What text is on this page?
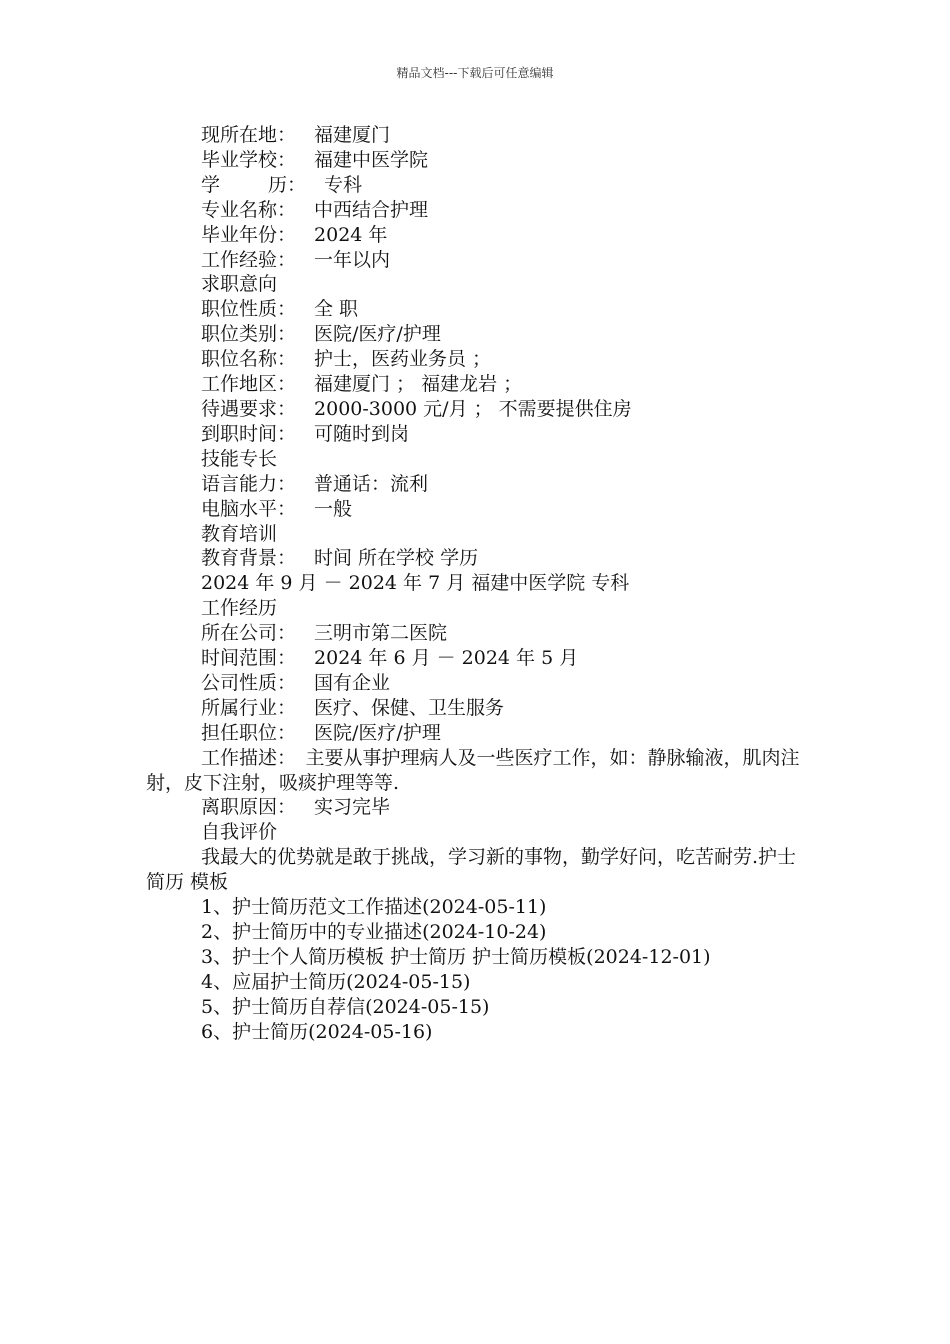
精品文档---下载后可任意编辑
现所在地： 福建厦门
毕业学校： 福建中医学院
学	历： 专科
专业名称： 中西结合护理
毕业年份： 2024 年
工作经验： 一年以内
求职意向
职位性质： 全 职
职位类别： 医院/医疗/护理
职位名称： 护士，医药业务员 ；
工作地区： 福建厦门 ； 福建龙岩 ；
待遇要求： 2000-3000 元/月 ； 不需要提供住房
到职时间： 可随时到岗
技能专长
语言能力： 普通话：流利
电脑水平： 一般
教育培训
教育背景： 时间 所在学校 学历
2024 年 9 月 － 2024 年 7 月 福建中医学院 专科
工作经历
所在公司： 三明市第二医院
时间范围： 2024 年 6 月 － 2024 年 5 月
公司性质： 国有企业
所属行业： 医疗、保健、卫生服务
担任职位： 医院/医疗/护理
工作描述：　主要从事护理病人及一些医疗工作，如：静脉输液，肌肉注射，皮下注射，吸痰护理等等.
离职原因： 实习完毕
自我评价
我最大的优势就是敢于挑战，学习新的事物，勤学好问，吃苦耐劳.护士 简历 模板
1、护士简历范文工作描述(2024-05-11)
2、护士简历中的专业描述(2024-10-24)
3、护士个人简历模板 护士简历 护士简历模板(2024-12-01)
4、应届护士简历(2024-05-15)
5、护士简历自荐信(2024-05-15)
6、护士简历(2024-05-16)
